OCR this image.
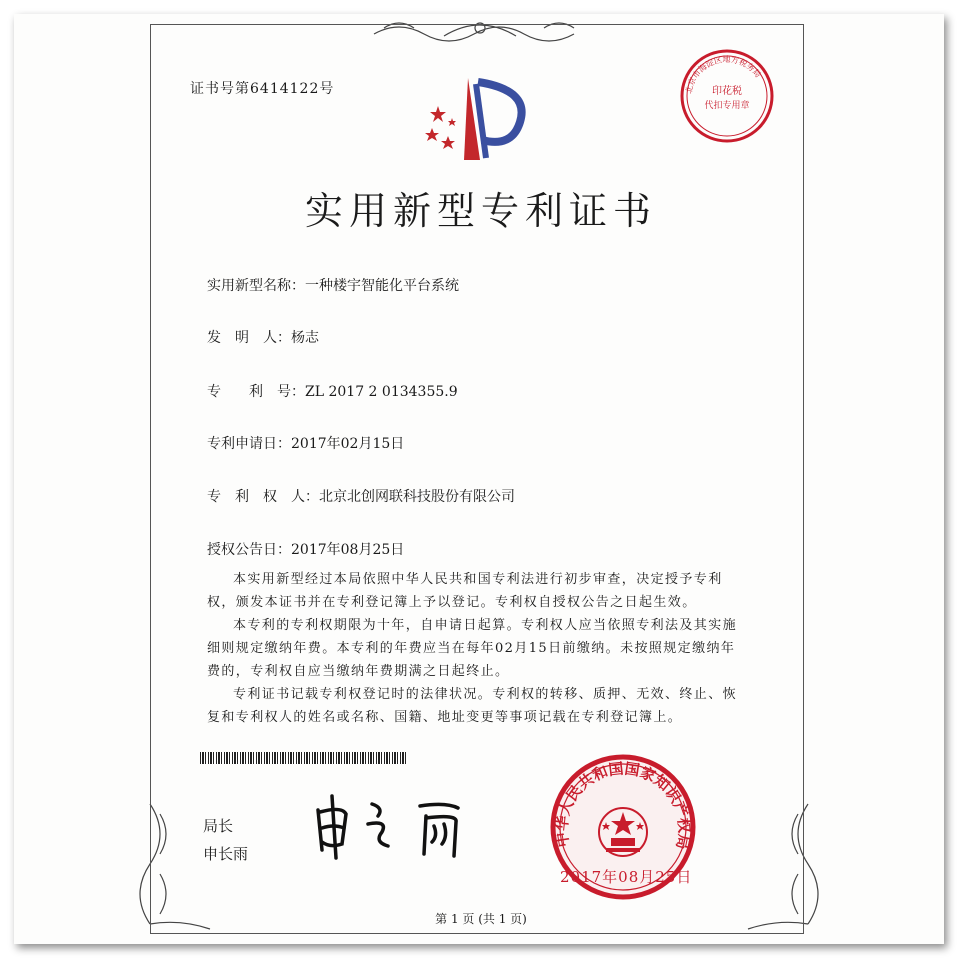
证书号第6414122号	北京市海淀区地方税务局
印花税
代扣专用章
实用新型专利证书
实用新型名称：一种楼宇智能化平台系统
发　明　人：杨志
专　　利　号：ZL 2017 2 0134355.9
专利申请日：2017年02月15日
专　利　权　人：北京北创网联科技股份有限公司
授权公告日：2017年08月25日

本实用新型经过本局依照中华人民共和国专利法进行初步审查，决定授予专利权，颁发本证书并在专利登记簿上予以登记。专利权自授权公告之日起生效。

本专利的专利权期限为十年，自申请日起算。专利权人应当依照专利法及其实施细则规定缴纳年费。本专利的年费应当在每年02月15日前缴纳。未按照规定缴纳年费的，专利权自应当缴纳年费期满之日起终止。

专利证书记载专利权登记时的法律状况。专利权的转移、质押、无效、终止、恢复和专利权人的姓名或名称、国籍、地址变更等事项记载在专利登记簿上。

局长
申长雨
中华人民共和国国家知识产权局
2017年08月25日
第 1 页 (共 1 页)
